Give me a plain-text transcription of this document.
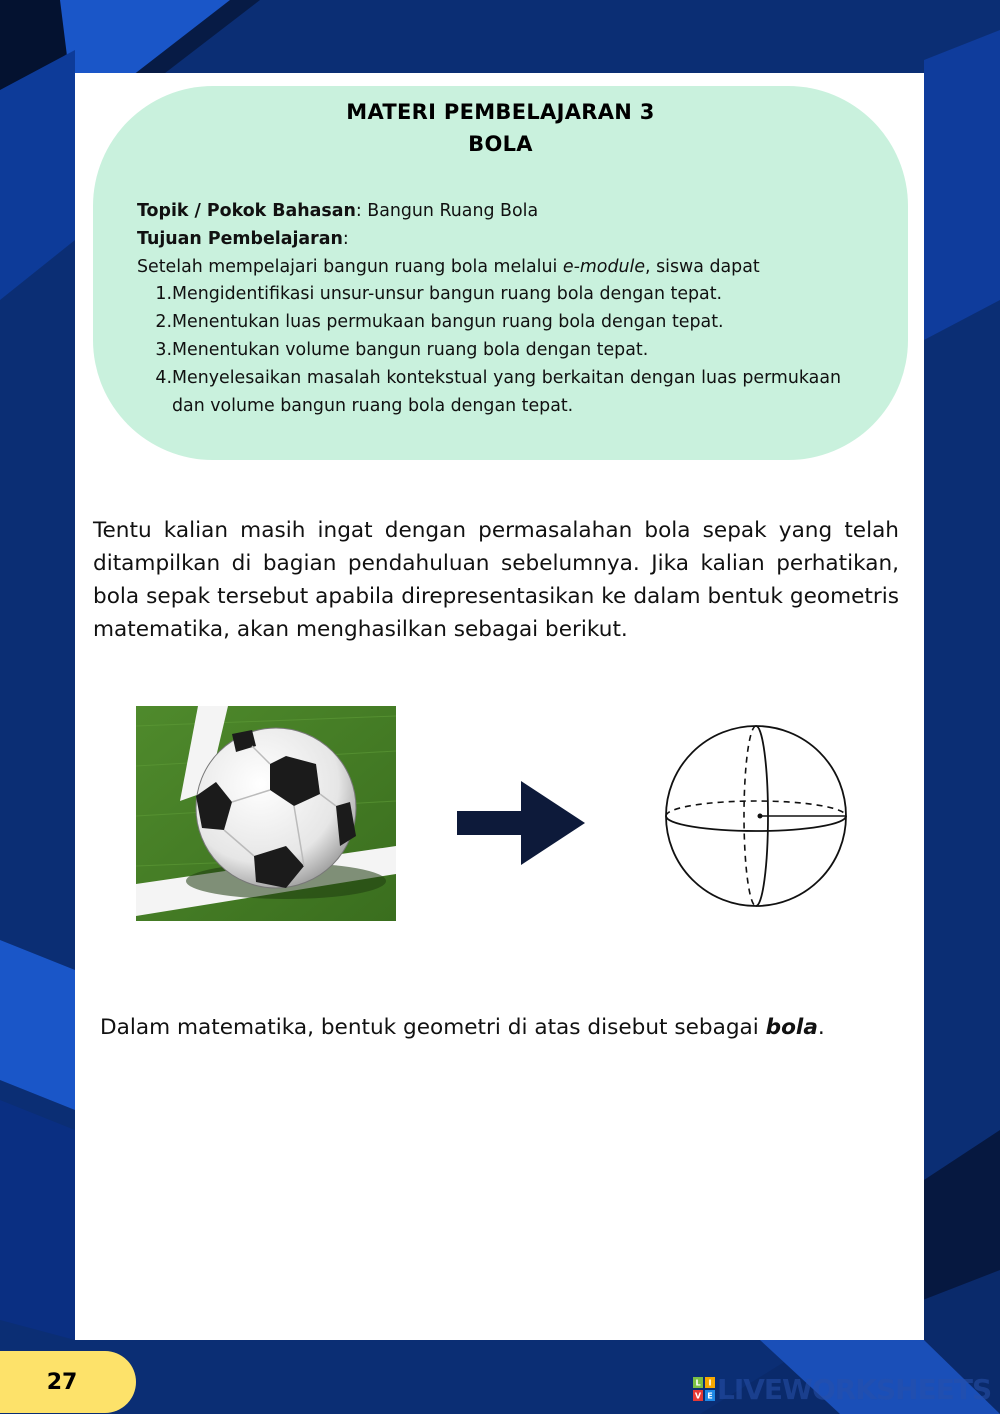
MATERI PEMBELAJARAN 3
BOLA
Topik / Pokok Bahasan: Bangun Ruang Bola
Tujuan Pembelajaran:
Setelah mempelajari bangun ruang bola melalui e-module, siswa dapat
1. Mengidentifikasi unsur-unsur bangun ruang bola dengan tepat.
2. Menentukan luas permukaan bangun ruang bola dengan tepat.
3. Menentukan volume bangun ruang bola dengan tepat.
4. Menyelesaikan masalah kontekstual yang berkaitan dengan luas permukaan dan volume bangun ruang bola dengan tepat.
Tentu kalian masih ingat dengan permasalahan bola sepak yang telah ditampilkan di bagian pendahuluan sebelumnya. Jika kalian perhatikan, bola sepak tersebut apabila direpresentasikan ke dalam bentuk geometris matematika, akan menghasilkan sebagai berikut.
Dalam matematika, bentuk geometri di atas disebut sebagai bola.
27	L I
V E LIVEWORKSHEETS
